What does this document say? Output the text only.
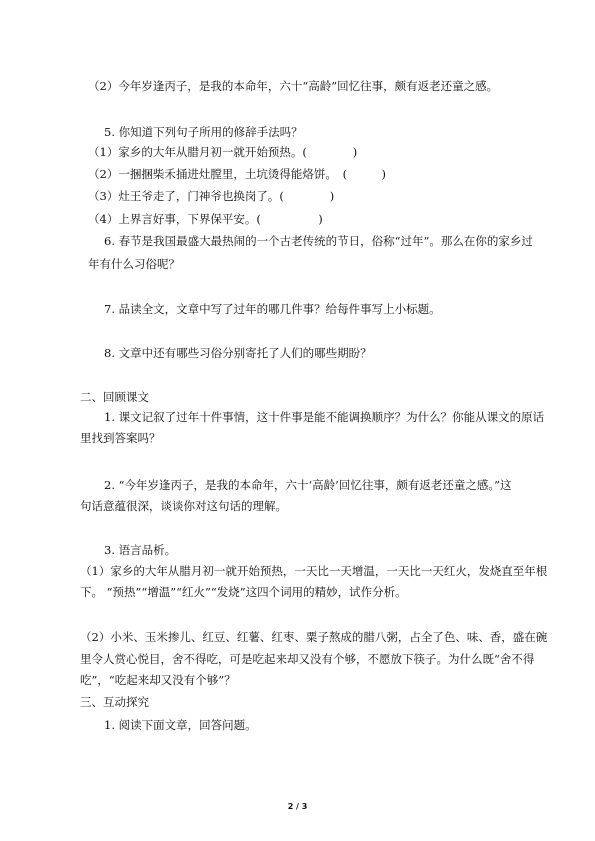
（2）今年岁逢丙子，是我的本命年，六十“高龄”回忆往事，颇有返老还童之感。
5. 你知道下列句子所用的修辞手法吗？
（1）家乡的大年从腊月初一就开始预热。(　　　　)
（2）一捆捆柴禾捅进灶膛里，土坑烫得能烙饼。　(　　　)
（3）灶王爷走了，门神爷也换岗了。(　　　　)
（4）上界言好事，下界保平安。(　　　　　)
6. 春节是我国最盛大最热闹的一个古老传统的节日，俗称“过年”。那么在你的家乡过
年有什么习俗呢？
7. 品读全文，文章中写了过年的哪几件事？给每件事写上小标题。
8. 文章中还有哪些习俗分别寄托了人们的哪些期盼？
二、回顾课文
1. 课文记叙了过年十件事情，这十件事是能不能调换顺序？为什么？你能从课文的原话
里找到答案吗？
2. “今年岁逢丙子，是我的本命年，六十‘高龄’回忆往事，颇有返老还童之感。”这
句话意蕴很深，谈谈你对这句话的理解。
3. 语言品析。
（1）家乡的大年从腊月初一就开始预热，一天比一天增温，一天比一天红火，发烧直至年根
下。 “预热”“增温”“红火”“发烧”这四个词用的精妙，试作分析。
（2）小米、玉米掺儿、红豆、红薯、红枣、粟子熬成的腊八粥，占全了色、味、香，盛在碗
里令人赏心悦目，舍不得吃，可是吃起来却又没有个够，不愿放下筷子。为什么既“舍不得
吃”，“吃起来却又没有个够”？
三、互动探究
1. 阅读下面文章，回答问题。
2 / 3
